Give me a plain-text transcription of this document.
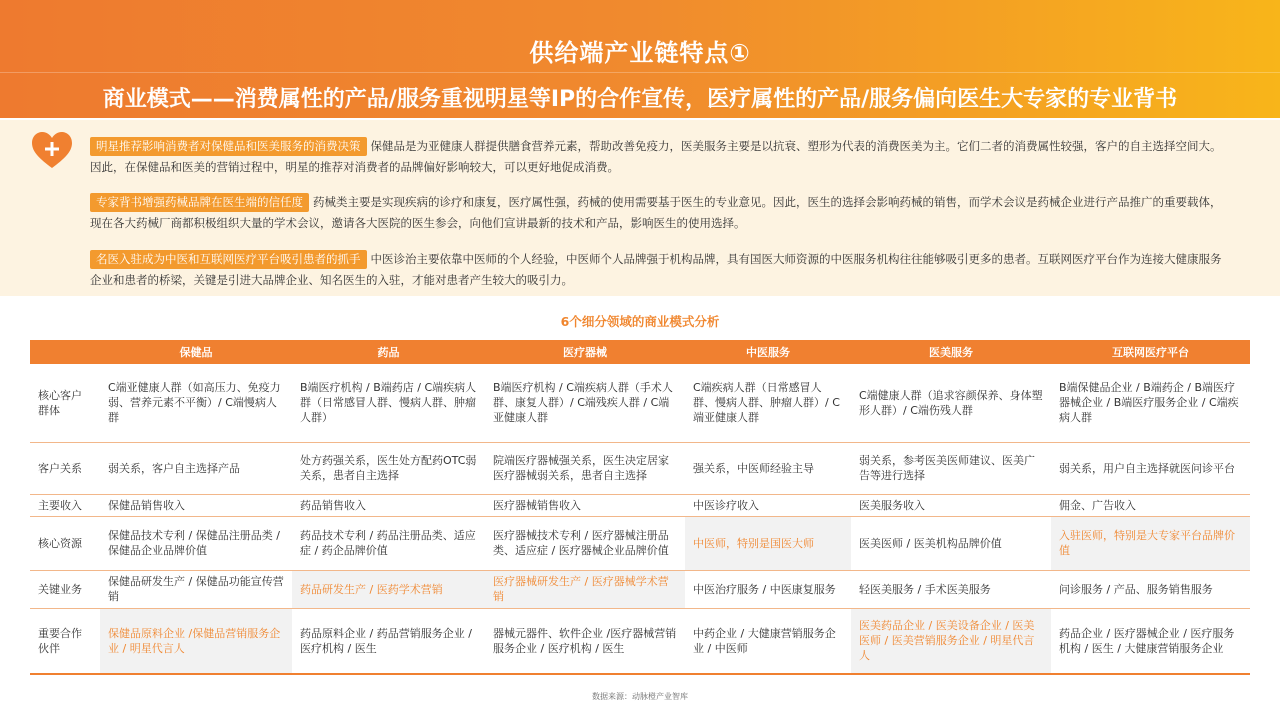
供给端产业链特点①
商业模式——消费属性的产品/服务重视明星等IP的合作宣传，医疗属性的产品/服务偏向医生大专家的专业背书
明星推荐影响消费者对保健品和医美服务的消费决策 保健品是为亚健康人群提供膳食营养元素，帮助改善免疫力，医美服务主要是以抗衰、塑形为代表的消费医美为主。它们二者的消费属性较强，客户的自主选择空间大。因此，在保健品和医美的营销过程中，明星的推荐对消费者的品牌偏好影响较大，可以更好地促成消费。
专家背书增强药械品牌在医生端的信任度 药械类主要是实现疾病的诊疗和康复，医疗属性强，药械的使用需要基于医生的专业意见。因此，医生的选择会影响药械的销售，而学术会议是药械企业进行产品推广的重要载体，现在各大药械厂商都积极组织大量的学术会议，邀请各大医院的医生参会，向他们宣讲最新的技术和产品，影响医生的使用选择。
名医入驻成为中医和互联网医疗平台吸引患者的抓手 中医诊治主要依靠中医师的个人经验，中医师个人品牌强于机构品牌，具有国医大师资源的中医服务机构往往能够吸引更多的患者。互联网医疗平台作为连接大健康服务企业和患者的桥梁，关键是引进大品牌企业、知名医生的入驻，才能对患者产生较大的吸引力。
6个细分领域的商业模式分析
	保健品	药品	医疗器械	中医服务	医美服务	互联网医疗平台
核心客户群体	C端亚健康人群（如高压力、免疫力弱、营养元素不平衡）/ C端慢病人群	B端医疗机构 / B端药店 / C端疾病人群（日常感冒人群、慢病人群、肿瘤人群）	B端医疗机构 / C端疾病人群（手术人群、康复人群）/ C端残疾人群 / C端亚健康人群	C端疾病人群（日常感冒人群、慢病人群、肿瘤人群）/ C端亚健康人群	C端健康人群（追求容颜保养、身体塑形人群）/ C端伤残人群	B端保健品企业 / B端药企 / B端医疗器械企业 / B端医疗服务企业 / C端疾病人群
客户关系	弱关系，客户自主选择产品	处方药强关系，医生处方配药OTC弱关系，患者自主选择	院端医疗器械强关系，医生决定居家医疗器械弱关系，患者自主选择	强关系，中医师经验主导	弱关系，参考医美医师建议、医美广告等进行选择	弱关系，用户自主选择就医问诊平台
主要收入	保健品销售收入	药品销售收入	医疗器械销售收入	中医诊疗收入	医美服务收入	佣金、广告收入
核心资源	保健品技术专利 / 保健品注册品类 / 保健品企业品牌价值	药品技术专利 / 药品注册品类、适应症 / 药企品牌价值	医疗器械技术专利 / 医疗器械注册品类、适应症 / 医疗器械企业品牌价值	中医师，特别是国医大师	医美医师 / 医美机构品牌价值	入驻医师，特别是大专家平台品牌价值
关键业务	保健品研发生产 / 保健品功能宣传营销	药品研发生产 / 医药学术营销	医疗器械研发生产 / 医疗器械学术营销	中医治疗服务 / 中医康复服务	轻医美服务 / 手术医美服务	问诊服务 / 产品、服务销售服务
重要合作伙伴	保健品原料企业 /保健品营销服务企业 / 明星代言人	药品原料企业 / 药品营销服务企业 / 医疗机构 / 医生	器械元器件、软件企业 /医疗器械营销服务企业 / 医疗机构 / 医生	中药企业 / 大健康营销服务企业 / 中医师	医美药品企业 / 医美设备企业 / 医美医师 / 医美营销服务企业 / 明星代言人	药品企业 / 医疗器械企业 / 医疗服务机构 / 医生 / 大健康营销服务企业
数据来源：动脉橙产业智库
